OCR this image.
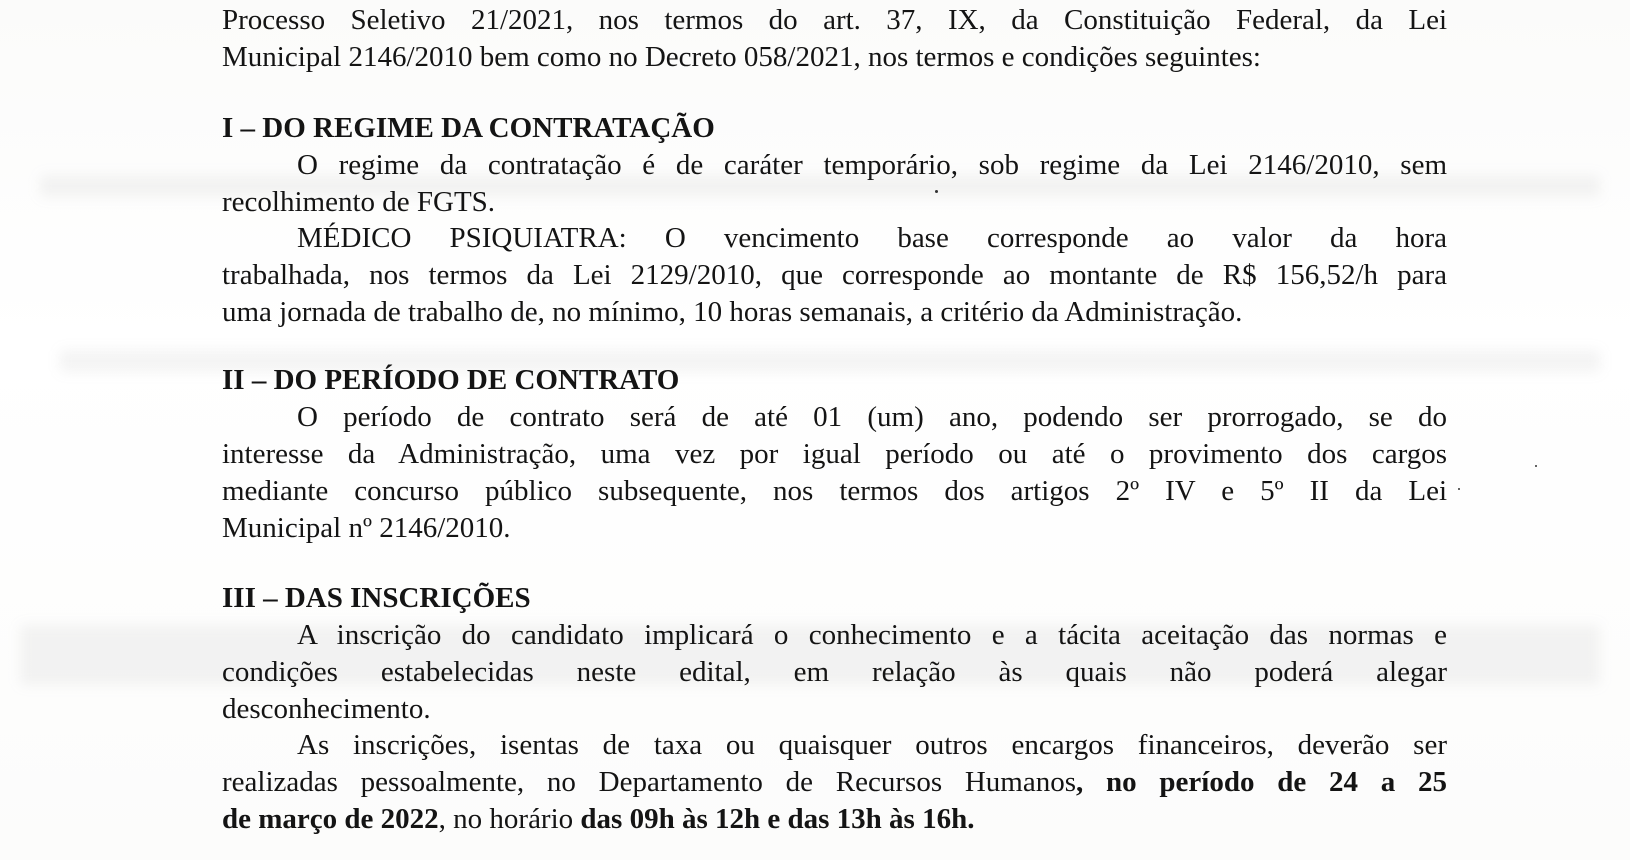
Processo Seletivo 21/2021, nos termos do art. 37, IX, da Constituição Federal, da Lei
Municipal 2146/2010 bem como no Decreto 058/2021, nos termos e condições seguintes:
I – DO REGIME DA CONTRATAÇÃO
O regime da contratação é de caráter temporário, sob regime da Lei 2146/2010, sem
recolhimento de FGTS.
MÉDICO PSIQUIATRA: O vencimento base corresponde ao valor da hora
trabalhada, nos termos da Lei 2129/2010, que corresponde ao montante de R$ 156,52/h para
uma jornada de trabalho de, no mínimo, 10 horas semanais, a critério da Administração.
II – DO PERÍODO DE CONTRATO
O período de contrato será de até 01 (um) ano, podendo ser prorrogado, se do
interesse da Administração, uma vez por igual período ou até o provimento dos cargos
mediante concurso público subsequente, nos termos dos artigos 2º IV e 5º II da Lei
Municipal nº 2146/2010.
III – DAS INSCRIÇÕES
A inscrição do candidato implicará o conhecimento e a tácita aceitação das normas e
condições estabelecidas neste edital, em relação às quais não poderá alegar
desconhecimento.
As inscrições, isentas de taxa ou quaisquer outros encargos financeiros, deverão ser
realizadas pessoalmente, no Departamento de Recursos Humanos, no período de 24 a 25
de março de 2022, no horário das 09h às 12h e das 13h às 16h.
